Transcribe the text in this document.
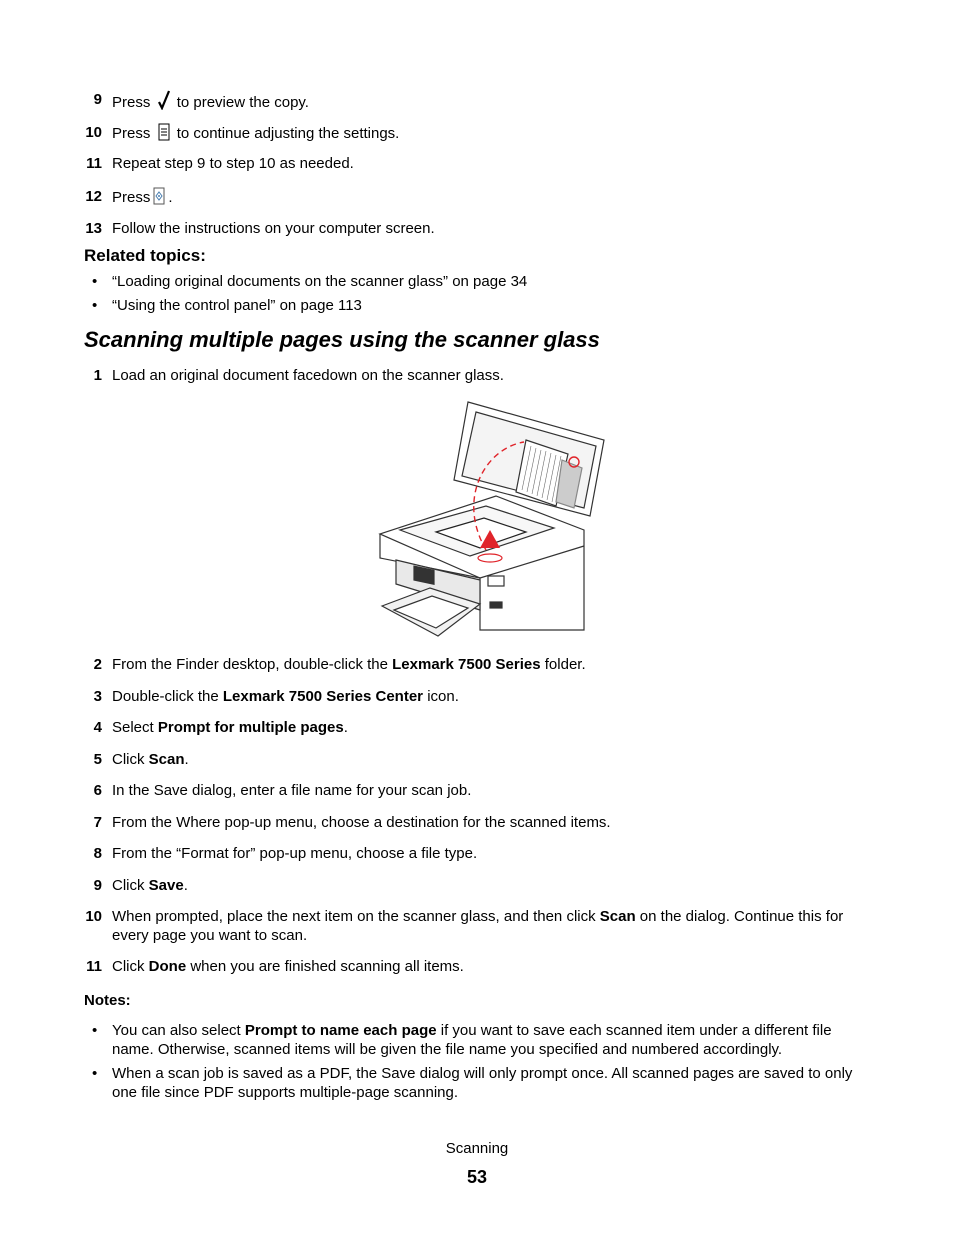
9 Press to preview the copy.
10 Press to continue adjusting the settings.
11 Repeat step 9 to step 10 as needed.
12 Press .
13 Follow the instructions on your computer screen.
Related topics:
• “Loading original documents on the scanner glass” on page 34
• “Using the control panel” on page 113
Scanning multiple pages using the scanner glass
1 Load an original document facedown on the scanner glass.
2 From the Finder desktop, double-click the Lexmark 7500 Series folder.
3 Double-click the Lexmark 7500 Series Center icon.
4 Select Prompt for multiple pages.
5 Click Scan.
6 In the Save dialog, enter a file name for your scan job.
7 From the Where pop-up menu, choose a destination for the scanned items.
8 From the “Format for” pop-up menu, choose a file type.
9 Click Save.
10 When prompted, place the next item on the scanner glass, and then click Scan on the dialog. Continue this for every page you want to scan.
11 Click Done when you are finished scanning all items.
Notes:
• You can also select Prompt to name each page if you want to save each scanned item under a different file name. Otherwise, scanned items will be given the file name you specified and numbered accordingly.
• When a scan job is saved as a PDF, the Save dialog will only prompt once. All scanned pages are saved to only one file since PDF supports multiple-page scanning.
Scanning
53
